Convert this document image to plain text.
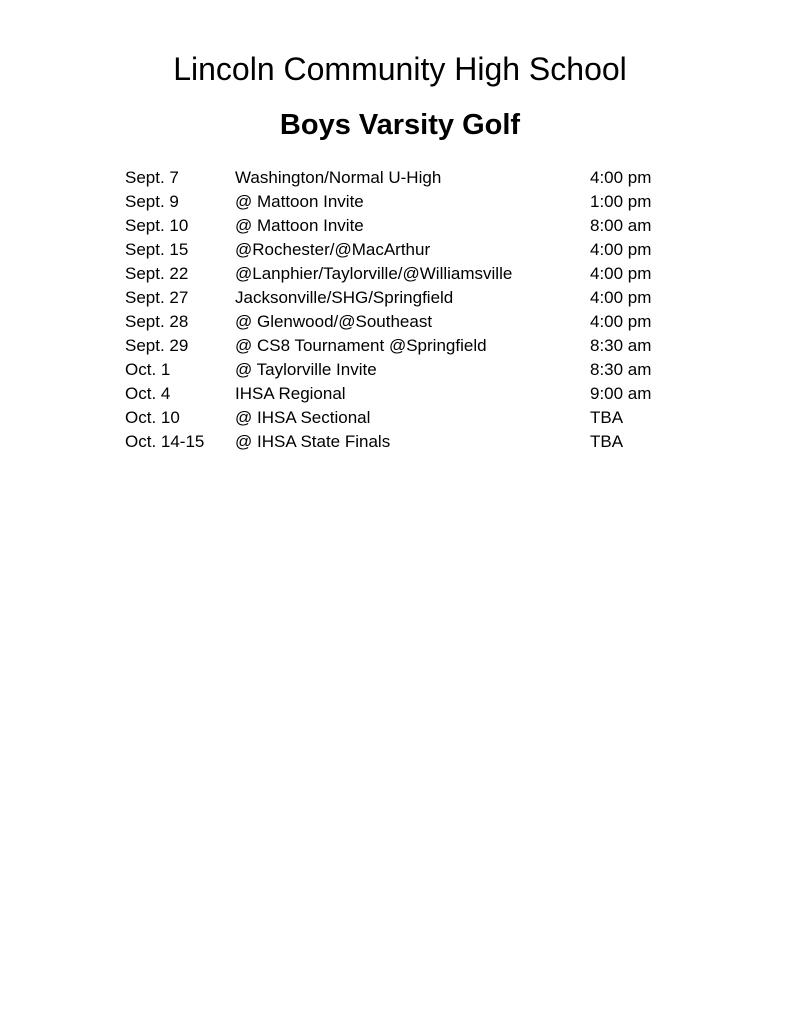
Lincoln Community High School
Boys Varsity Golf
Sept. 7	Washington/Normal U-High	4:00 pm
Sept. 9	@ Mattoon Invite	1:00 pm
Sept. 10	@ Mattoon Invite	8:00 am
Sept. 15	@Rochester/@MacArthur	4:00 pm
Sept. 22	@Lanphier/Taylorville/@Williamsville	4:00 pm
Sept. 27	Jacksonville/SHG/Springfield	4:00 pm
Sept. 28	@ Glenwood/@Southeast	4:00 pm
Sept. 29	@ CS8 Tournament @Springfield	8:30 am
Oct. 1	@ Taylorville Invite	8:30 am
Oct. 4	IHSA Regional	9:00 am
Oct. 10	@ IHSA Sectional	TBA
Oct. 14-15	@ IHSA State Finals	TBA
